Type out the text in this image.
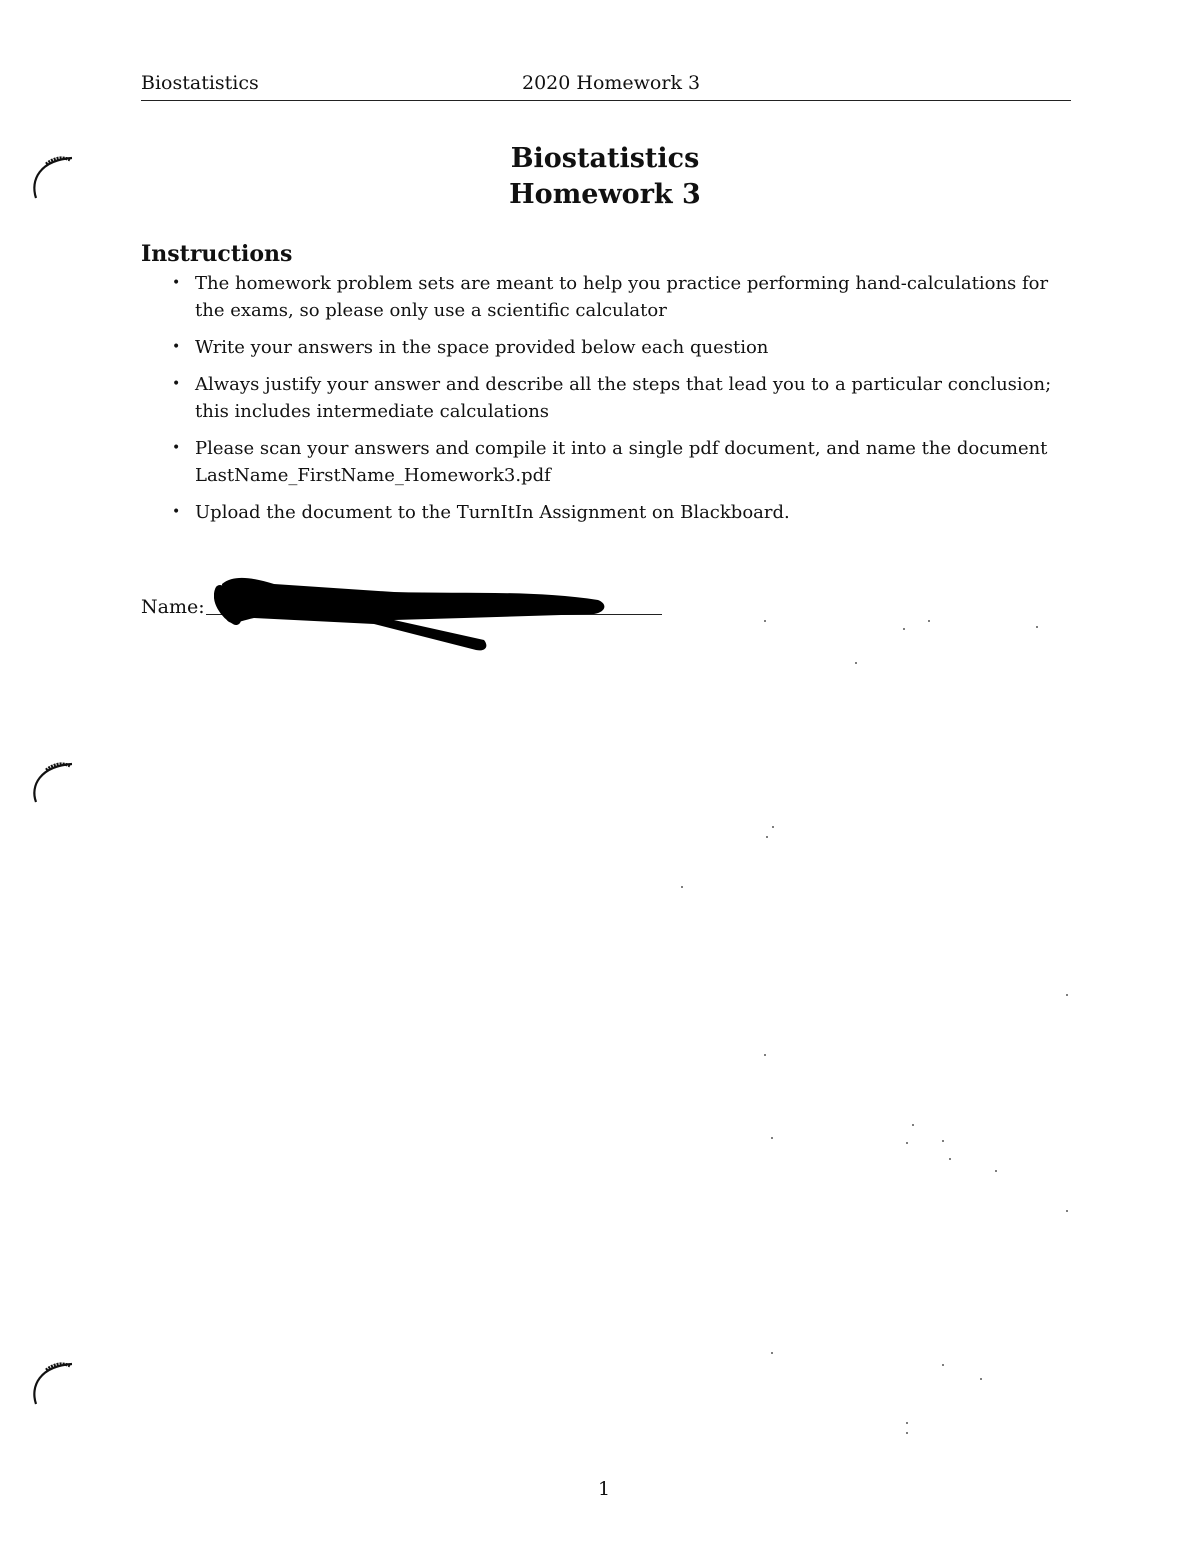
Biostatistics	2020 Homework 3
Biostatistics
Homework 3
Instructions
• The homework problem sets are meant to help you practice performing hand-calculations for
the exams, so please only use a scientific calculator
• Write your answers in the space provided below each question
• Always justify your answer and describe all the steps that lead you to a particular conclusion;
this includes intermediate calculations
• Please scan your answers and compile it into a single pdf document, and name the document
LastName_FirstName_Homework3.pdf
• Upload the document to the TurnItIn Assignment on Blackboard.
Name:
1
